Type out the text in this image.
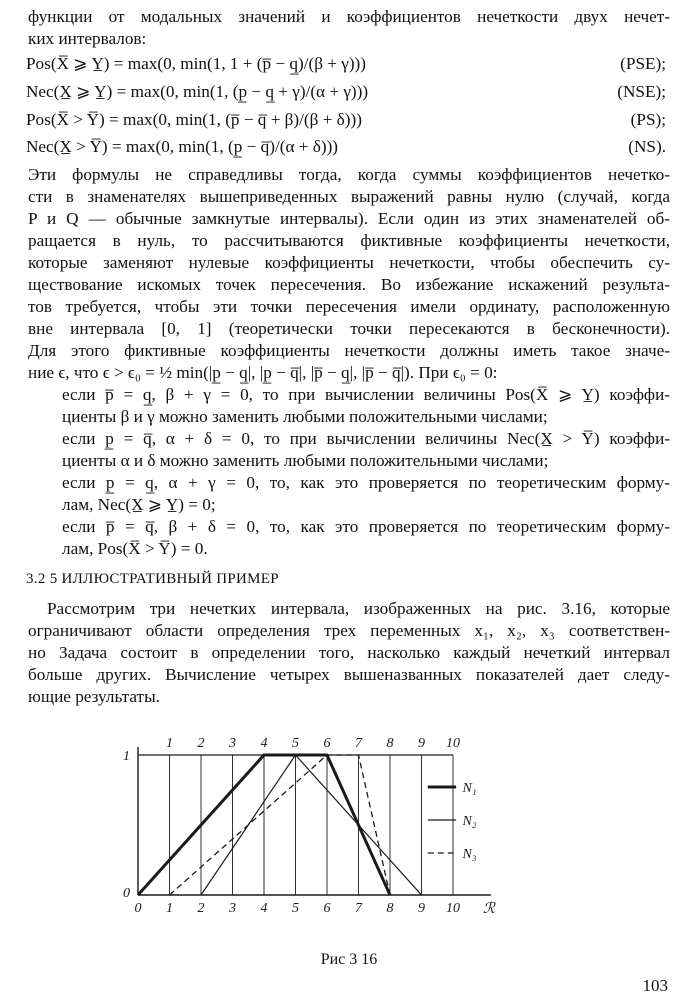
функции от модальных значений и коэффициентов нечеткости двух нечет-
ких интервалов:
Pos(X̅ ⩾ Y̲) = max(0, min(1, 1 + (p̅ − q̲)/(β + γ)))	(PSE);
Nec(X̲ ⩾ Y̲) = max(0, min(1, (p̲ − q̲ + γ)/(α + γ)))	(NSE);
Pos(X̅ > Y̅) = max(0, min(1, (p̅ − q̅ + β)/(β + δ)))	(PS);
Nec(X̲ > Y̅) = max(0, min(1, (p̲ − q̅)/(α + δ)))	(NS).
Эти формулы не справедливы тогда, когда суммы коэффициентов нечетко-
сти в знаменателях вышеприведенных выражений равны нулю (случай, когда
P и Q — обычные замкнутые интервалы). Если один из этих знаменателей об-
ращается в нуль, то рассчитываются фиктивные коэффициенты нечеткости,
которые заменяют нулевые коэффициенты нечеткости, чтобы обеспечить су-
ществование искомых точек пересечения. Во избежание искажений результа-
тов требуется, чтобы эти точки пересечения имели ординату, расположенную
вне интервала [0, 1] (теоретически точки пересекаются в бесконечности).
Для этого фиктивные коэффициенты нечеткости должны иметь такое значе-
ние ϵ, что ϵ > ϵ₀ = ½ min(|p̲ − q̲|, |p̲ − q̅|, |p̅ − q̲|, |p̅ − q̅|). При ϵ₀ = 0:
если p̅ = q̲, β + γ = 0, то при вычислении величины Pos(X̅ ⩾ Y̲) коэффи-
циенты β и γ можно заменить любыми положительными числами;
если p̲ = q̅, α + δ = 0, то при вычислении величины Nec(X̲ > Y̅) коэффи-
циенты α и δ можно заменить любыми положительными числами;
если p̲ = q̲, α + γ = 0, то, как это проверяется по теоретическим форму-
лам, Nec(X̲ ⩾ Y̲) = 0;
если p̅ = q̅, β + δ = 0, то, как это проверяется по теоретическим форму-
лам, Pos(X̅ > Y̅) = 0.
3.2 5 ИЛЛЮСТРАТИВНЫЙ ПРИМЕР
Рассмотрим три нечетких интервала, изображенных на рис. 3.16, которые
ограничивают области определения трех переменных x₁, x₂, x₃ соответствен-
но Задача состоит в определении того, насколько каждый нечеткий интервал
больше других. Вычисление четырех вышеназванных показателей дает следу-
ющие результаты.
0 1 2 3 4 5 6 7 8 9 10
1 2 3 4 5 6 7 8 9 10
0
1
ℛ
N₁
N₂
N₃
Рис 3 16
103
